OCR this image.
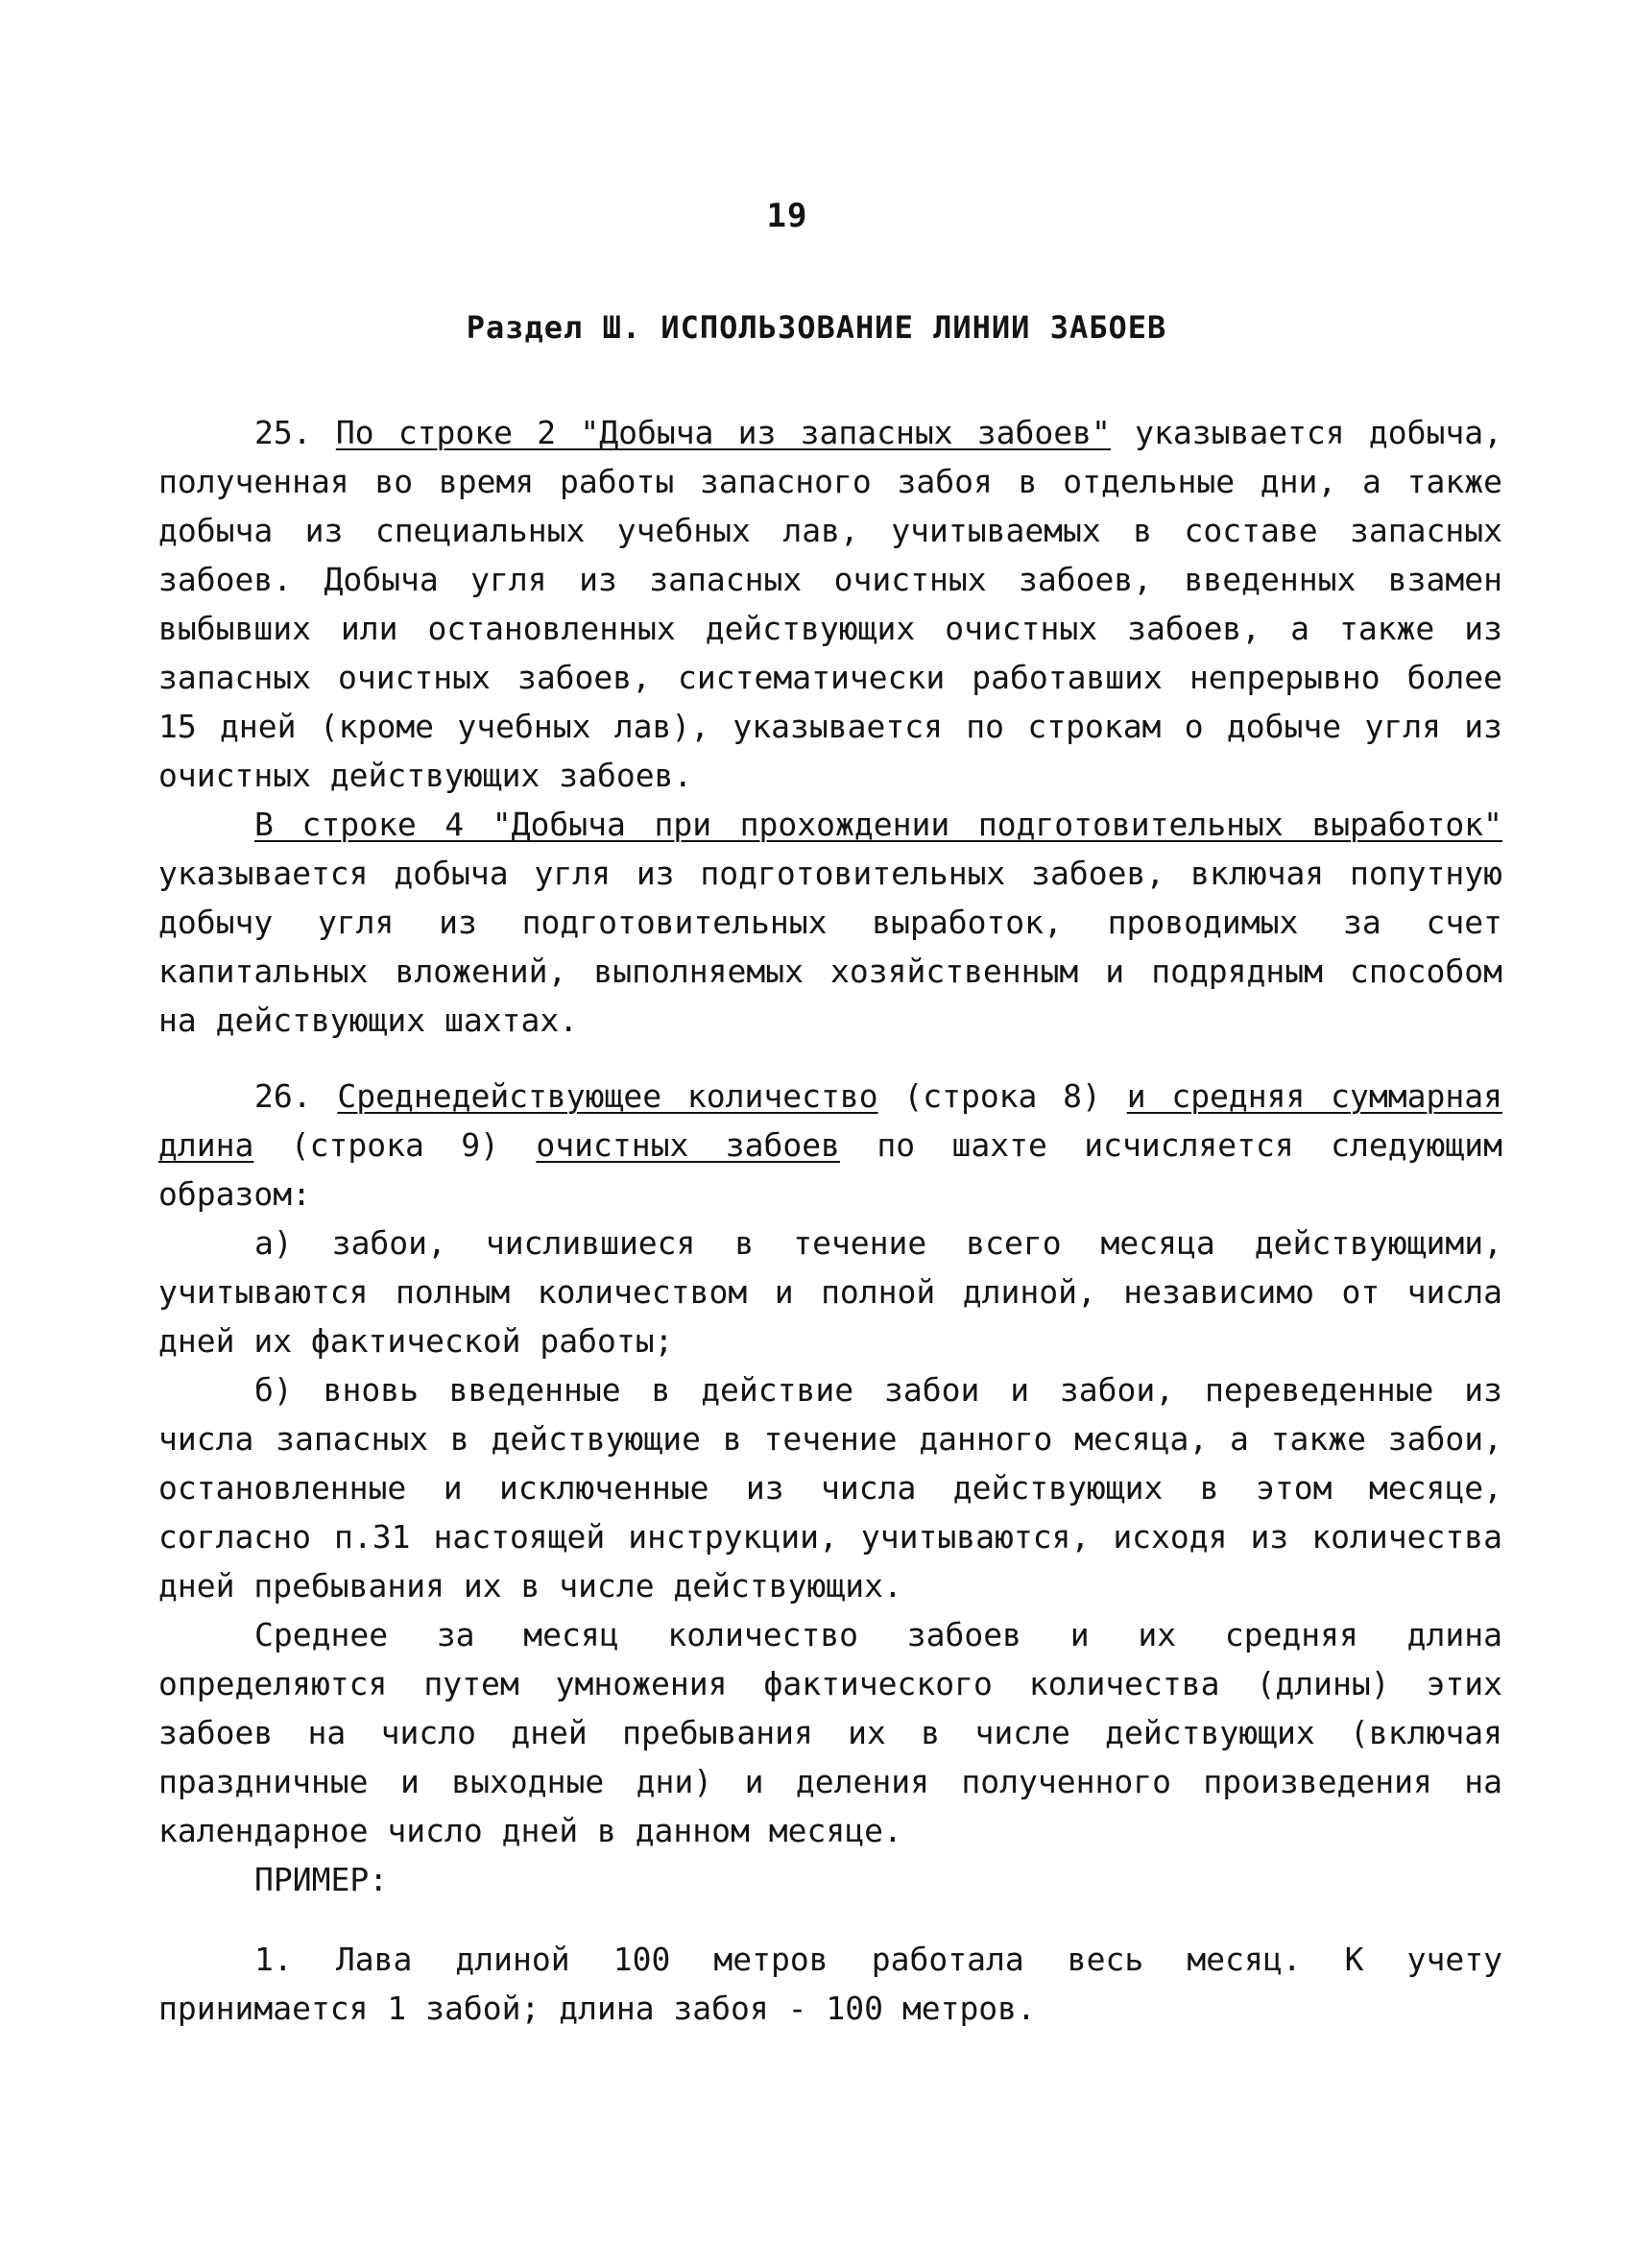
19
Раздел Ш. ИСПОЛЬЗОВАНИЕ ЛИНИИ ЗАБОЕВ

25. По строке 2 "Добыча из запасных забоев" указывается добыча, полученная во время работы запасного забоя в отдельные дни, а также добыча из специальных учебных лав, учитываемых в составе запасных забоев. Добыча угля из запасных очистных забоев, введенных взамен выбывших или остановленных действующих очистных забоев, а также из запасных очистных забоев, систематически работавших непрерывно более 15 дней (кроме учебных лав), указывается по строкам о добыче угля из очистных действующих забоев.

В строке 4 "Добыча при прохождении подготовительных выработок" указывается добыча угля из подготовительных забоев, включая попутную добычу угля из подготовительных выработок, проводимых за счет капитальных вложений, выполняемых хозяйственным и подрядным способом на действующих шахтах.

26. Среднедействующее количество (строка 8) и средняя суммарная длина (строка 9) очистных забоев по шахте исчисляется следующим образом:

а) забои, числившиеся в течение всего месяца действующими, учитываются полным количеством и полной длиной, независимо от числа дней их фактической работы;

б) вновь введенные в действие забои и забои, переведенные из числа запасных в действующие в течение данного месяца, а также забои, остановленные и исключенные из числа действующих в этом месяце, согласно п.31 настоящей инструкции, учитываются, исходя из количества дней пребывания их в числе действующих.

Среднее за месяц количество забоев и их средняя длина определяются путем умножения фактического количества (длины) этих забоев на число дней пребывания их в числе действующих (включая праздничные и выходные дни) и деления полученного произведения на календарное число дней в данном месяце.

ПРИМЕР:

1. Лава длиной 100 метров работала весь месяц. К учету принимается 1 забой; длина забоя - 100 метров.
